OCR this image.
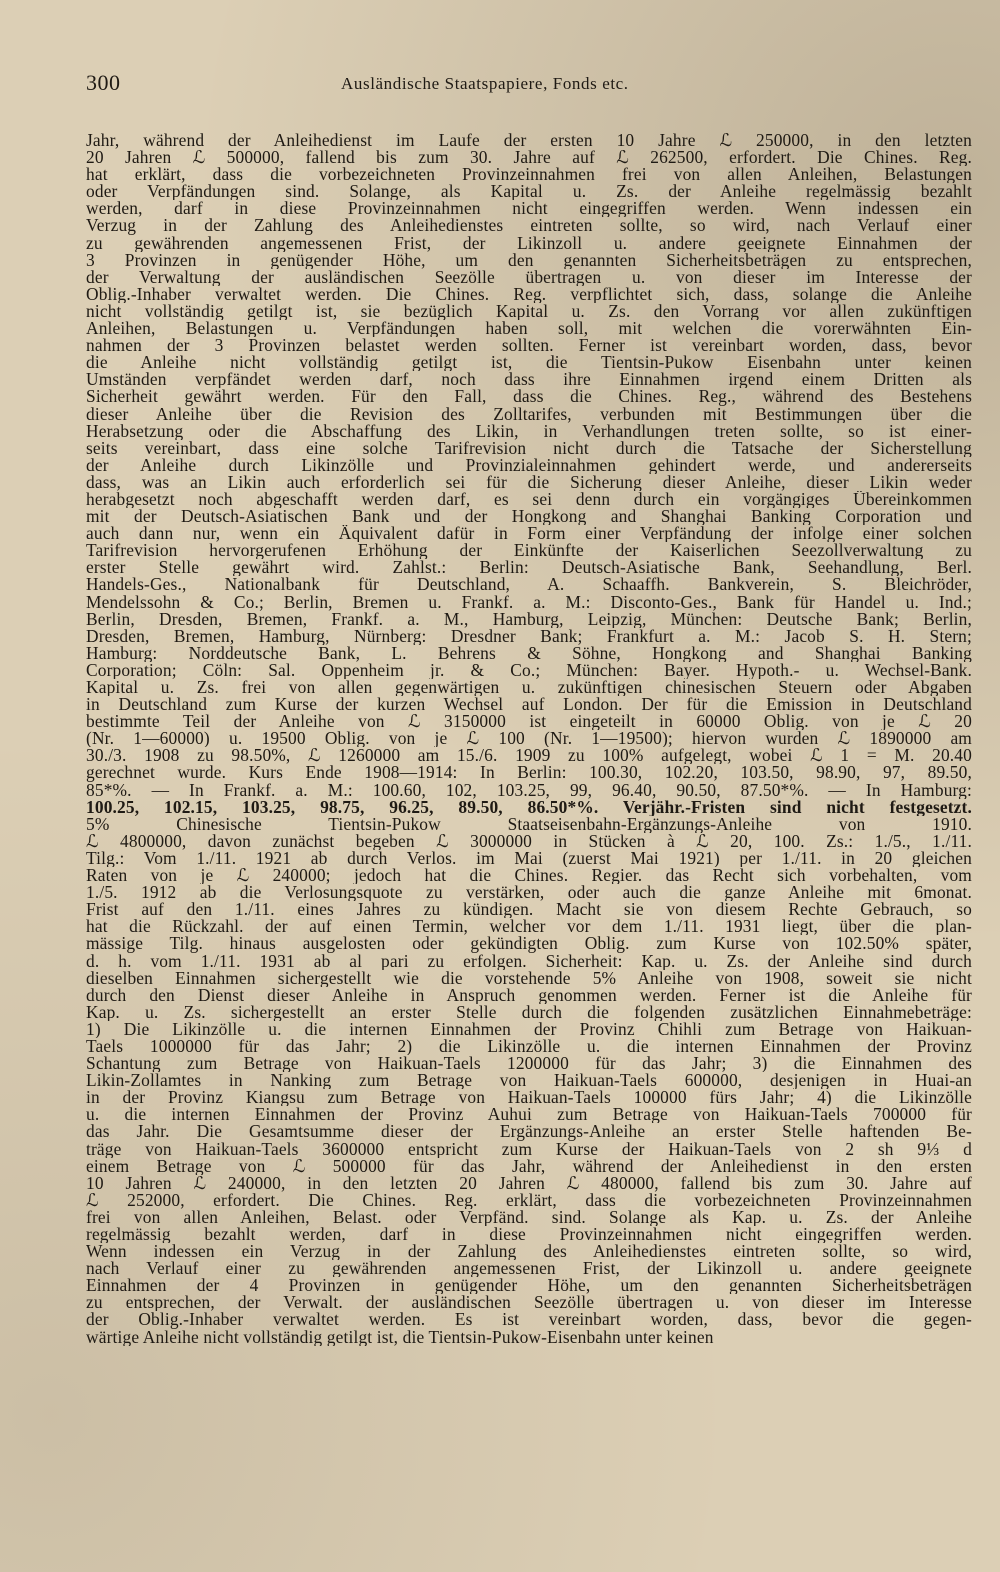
300	Ausländische Staatspapiere, Fonds etc.
Jahr, während der Anleihedienst im Laufe der ersten 10 Jahre ℒ 250000, in den letzten
20 Jahren ℒ 500000, fallend bis zum 30. Jahre auf ℒ 262500, erfordert. Die Chines. Reg.
hat erklärt, dass die vorbezeichneten Provinzeinnahmen frei von allen Anleihen, Belastungen
oder Verpfändungen sind. Solange, als Kapital u. Zs. der Anleihe regelmässig bezahlt
werden, darf in diese Provinzeinnahmen nicht eingegriffen werden. Wenn indessen ein
Verzug in der Zahlung des Anleihedienstes eintreten sollte, so wird, nach Verlauf einer
zu gewährenden angemessenen Frist, der Likinzoll u. andere geeignete Einnahmen der
3 Provinzen in genügender Höhe, um den genannten Sicherheitsbeträgen zu entsprechen,
der Verwaltung der ausländischen Seezölle übertragen u. von dieser im Interesse der
Oblig.-Inhaber verwaltet werden. Die Chines. Reg. verpflichtet sich, dass, solange die Anleihe
nicht vollständig getilgt ist, sie bezüglich Kapital u. Zs. den Vorrang vor allen zukünftigen
Anleihen, Belastungen u. Verpfändungen haben soll, mit welchen die vorerwähnten Ein-
nahmen der 3 Provinzen belastet werden sollten. Ferner ist vereinbart worden, dass, bevor
die Anleihe nicht vollständig getilgt ist, die Tientsin-Pukow Eisenbahn unter keinen
Umständen verpfändet werden darf, noch dass ihre Einnahmen irgend einem Dritten als
Sicherheit gewährt werden. Für den Fall, dass die Chines. Reg., während des Bestehens
dieser Anleihe über die Revision des Zolltarifes, verbunden mit Bestimmungen über die
Herabsetzung oder die Abschaffung des Likin, in Verhandlungen treten sollte, so ist einer-
seits vereinbart, dass eine solche Tarifrevision nicht durch die Tatsache der Sicherstellung
der Anleihe durch Likinzölle und Provinzialeinnahmen gehindert werde, und andererseits
dass, was an Likin auch erforderlich sei für die Sicherung dieser Anleihe, dieser Likin weder
herabgesetzt noch abgeschafft werden darf, es sei denn durch ein vorgängiges Übereinkommen
mit der Deutsch-Asiatischen Bank und der Hongkong and Shanghai Banking Corporation und
auch dann nur, wenn ein Äquivalent dafür in Form einer Verpfändung der infolge einer solchen
Tarifrevision hervorgerufenen Erhöhung der Einkünfte der Kaiserlichen Seezollverwaltung zu
erster Stelle gewährt wird. Zahlst.: Berlin: Deutsch-Asiatische Bank, Seehandlung, Berl.
Handels-Ges., Nationalbank für Deutschland, A. Schaaffh. Bankverein, S. Bleichröder,
Mendelssohn & Co.; Berlin, Bremen u. Frankf. a. M.: Disconto-Ges., Bank für Handel u. Ind.;
Berlin, Dresden, Bremen, Frankf. a. M., Hamburg, Leipzig, München: Deutsche Bank; Berlin,
Dresden, Bremen, Hamburg, Nürnberg: Dresdner Bank; Frankfurt a. M.: Jacob S. H. Stern;
Hamburg: Norddeutsche Bank, L. Behrens & Söhne, Hongkong and Shanghai Banking
Corporation; Cöln: Sal. Oppenheim jr. & Co.; München: Bayer. Hypoth.- u. Wechsel-Bank.
Kapital u. Zs. frei von allen gegenwärtigen u. zukünftigen chinesischen Steuern oder Abgaben
in Deutschland zum Kurse der kurzen Wechsel auf London. Der für die Emission in Deutschland
bestimmte Teil der Anleihe von ℒ 3150000 ist eingeteilt in 60000 Oblig. von je ℒ 20
(Nr. 1—60000) u. 19500 Oblig. von je ℒ 100 (Nr. 1—19500); hiervon wurden ℒ 1890000 am
30./3. 1908 zu 98.50%, ℒ 1260000 am 15./6. 1909 zu 100% aufgelegt, wobei ℒ 1 = M. 20.40
gerechnet wurde. Kurs Ende 1908—1914: In Berlin: 100.30, 102.20, 103.50, 98.90, 97, 89.50,
85*%. — In Frankf. a. M.: 100.60, 102, 103.25, 99, 96.40, 90.50, 87.50*%. — In Hamburg:
100.25, 102.15, 103.25, 98.75, 96.25, 89.50, 86.50*%. Verjähr.-Fristen sind nicht festgesetzt.
5% Chinesische Tientsin-Pukow Staatseisenbahn-Ergänzungs-Anleihe von 1910.
ℒ 4800000, davon zunächst begeben ℒ 3000000 in Stücken à ℒ 20, 100. Zs.: 1./5., 1./11.
Tilg.: Vom 1./11. 1921 ab durch Verlos. im Mai (zuerst Mai 1921) per 1./11. in 20 gleichen
Raten von je ℒ 240000; jedoch hat die Chines. Regier. das Recht sich vorbehalten, vom
1./5. 1912 ab die Verlosungsquote zu verstärken, oder auch die ganze Anleihe mit 6monat.
Frist auf den 1./11. eines Jahres zu kündigen. Macht sie von diesem Rechte Gebrauch, so
hat die Rückzahl. der auf einen Termin, welcher vor dem 1./11. 1931 liegt, über die plan-
mässige Tilg. hinaus ausgelosten oder gekündigten Oblig. zum Kurse von 102.50% später,
d. h. vom 1./11. 1931 ab al pari zu erfolgen. Sicherheit: Kap. u. Zs. der Anleihe sind durch
dieselben Einnahmen sichergestellt wie die vorstehende 5% Anleihe von 1908, soweit sie nicht
durch den Dienst dieser Anleihe in Anspruch genommen werden. Ferner ist die Anleihe für
Kap. u. Zs. sichergestellt an erster Stelle durch die folgenden zusätzlichen Einnahmebeträge:
1) Die Likinzölle u. die internen Einnahmen der Provinz Chihli zum Betrage von Haikuan-
Taels 1000000 für das Jahr; 2) die Likinzölle u. die internen Einnahmen der Provinz
Schantung zum Betrage von Haikuan-Taels 1200000 für das Jahr; 3) die Einnahmen des
Likin-Zollamtes in Nanking zum Betrage von Haikuan-Taels 600000, desjenigen in Huai-an
in der Provinz Kiangsu zum Betrage von Haikuan-Taels 100000 fürs Jahr; 4) die Likinzölle
u. die internen Einnahmen der Provinz Auhui zum Betrage von Haikuan-Taels 700000 für
das Jahr. Die Gesamtsumme dieser der Ergänzungs-Anleihe an erster Stelle haftenden Be-
träge von Haikuan-Taels 3600000 entspricht zum Kurse der Haikuan-Taels von 2 sh 9⅓ d
einem Betrage von ℒ 500000 für das Jahr, während der Anleihedienst in den ersten
10 Jahren ℒ 240000, in den letzten 20 Jahren ℒ 480000, fallend bis zum 30. Jahre auf
ℒ 252000, erfordert. Die Chines. Reg. erklärt, dass die vorbezeichneten Provinzeinnahmen
frei von allen Anleihen, Belast. oder Verpfänd. sind. Solange als Kap. u. Zs. der Anleihe
regelmässig bezahlt werden, darf in diese Provinzeinnahmen nicht eingegriffen werden.
Wenn indessen ein Verzug in der Zahlung des Anleihedienstes eintreten sollte, so wird,
nach Verlauf einer zu gewährenden angemessenen Frist, der Likinzoll u. andere geeignete
Einnahmen der 4 Provinzen in genügender Höhe, um den genannten Sicherheitsbeträgen
zu entsprechen, der Verwalt. der ausländischen Seezölle übertragen u. von dieser im Interesse
der Oblig.-Inhaber verwaltet werden. Es ist vereinbart worden, dass, bevor die gegen-
wärtige Anleihe nicht vollständig getilgt ist, die Tientsin-Pukow-Eisenbahn unter keinen
